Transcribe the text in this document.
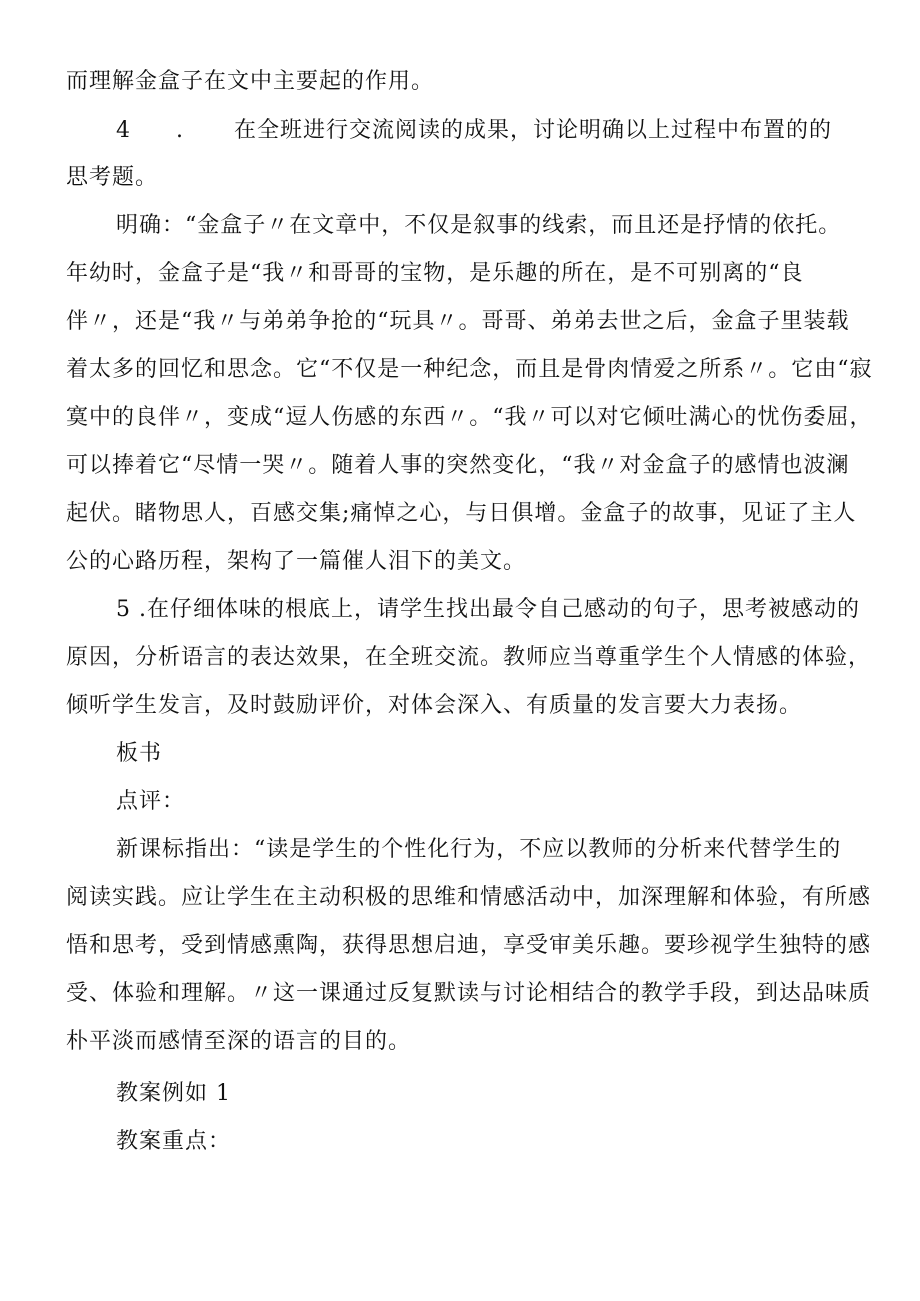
而理解金盒子在文中主要起的作用。
4 . 在全班进行交流阅读的成果，讨论明确以上过程中布置的的
思考题。
明确：“金盒子〃在文章中，不仅是叙事的线索，而且还是抒情的依托。
年幼时，金盒子是“我〃和哥哥的宝物，是乐趣的所在，是不可别离的“良
伴〃，还是“我〃与弟弟争抢的“玩具〃。哥哥、弟弟去世之后，金盒子里装载
着太多的回忆和思念。它“不仅是一种纪念，而且是骨肉情爱之所系〃。它由“寂
寞中的良伴〃，变成“逗人伤感的东西〃。“我〃可以对它倾吐满心的忧伤委屈，
可以捧着它“尽情一哭〃。随着人事的突然变化，“我〃对金盒子的感情也波澜
起伏。睹物思人，百感交集;痛悼之心，与日俱增。金盒子的故事，见证了主人
公的心路历程，架构了一篇催人泪下的美文。
5 .在仔细体味的根底上，请学生找出最令自己感动的句子，思考被感动的
原因，分析语言的表达效果，在全班交流。教师应当尊重学生个人情感的体验，
倾听学生发言，及时鼓励评价，对体会深入、有质量的发言要大力表扬。
板书
点评：
新课标指出：“读是学生的个性化行为，不应以教师的分析来代替学生的
阅读实践。应让学生在主动积极的思维和情感活动中，加深理解和体验，有所感
悟和思考，受到情感熏陶，获得思想启迪，享受审美乐趣。要珍视学生独特的感
受、体验和理解。〃这一课通过反复默读与讨论相结合的教学手段，到达品味质
朴平淡而感情至深的语言的目的。
教案例如 1
教案重点：
